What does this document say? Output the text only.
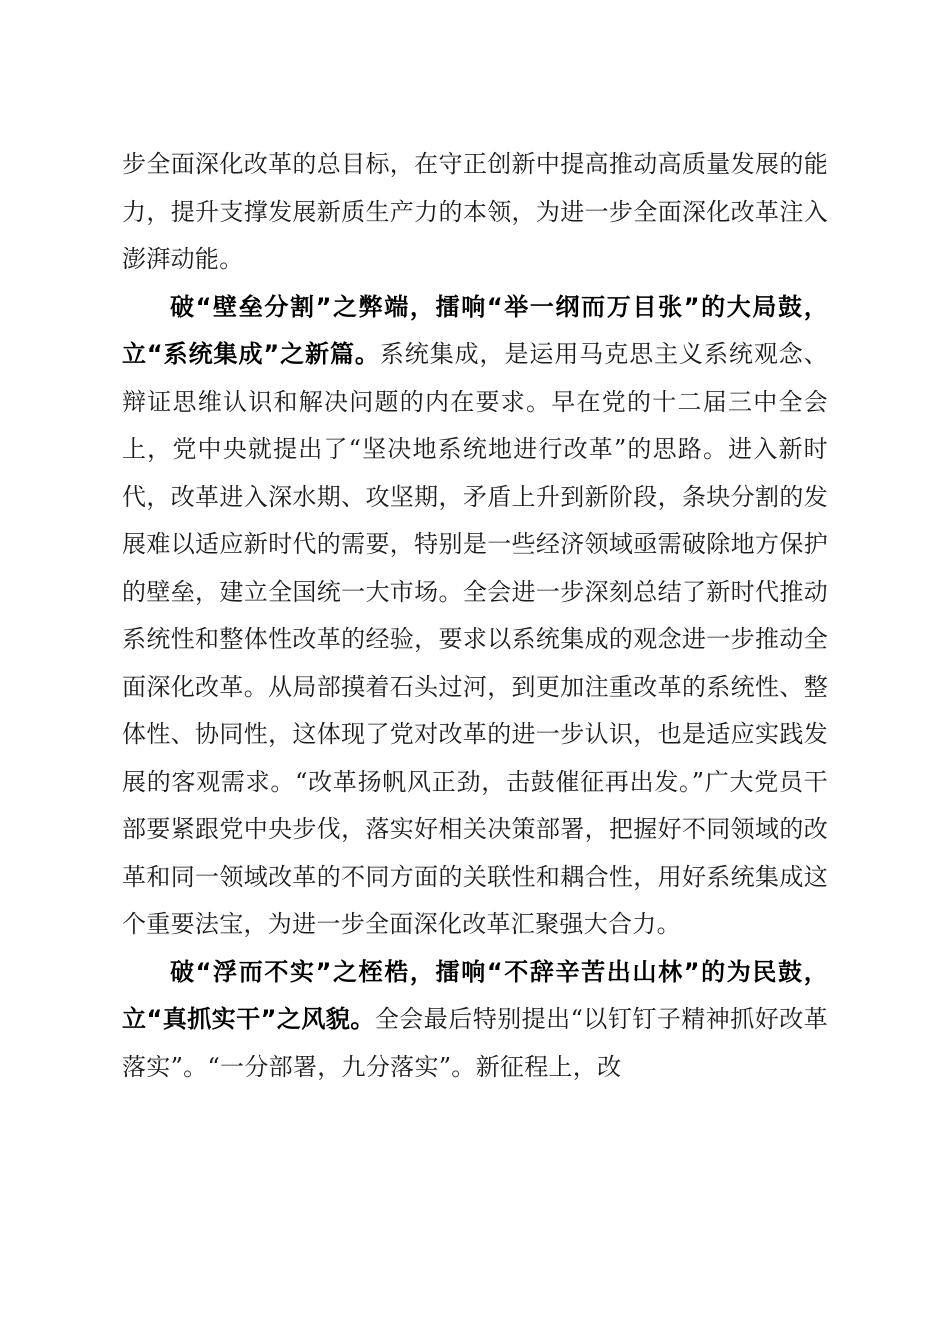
步全面深化改革的总目标，在守正创新中提高推动高质量发展的能力，提升支撑发展新质生产力的本领，为进一步全面深化改革注入澎湃动能。

破“壁垒分割”之弊端，擂响“举一纲而万目张”的大局鼓，立“系统集成”之新篇。系统集成，是运用马克思主义系统观念、辩证思维认识和解决问题的内在要求。早在党的十二届三中全会上，党中央就提出了“坚决地系统地进行改革”的思路。进入新时代，改革进入深水期、攻坚期，矛盾上升到新阶段，条块分割的发展难以适应新时代的需要，特别是一些经济领域亟需破除地方保护的壁垒，建立全国统一大市场。全会进一步深刻总结了新时代推动系统性和整体性改革的经验，要求以系统集成的观念进一步推动全面深化改革。从局部摸着石头过河，到更加注重改革的系统性、整体性、协同性，这体现了党对改革的进一步认识，也是适应实践发展的客观需求。“改革扬帆风正劲，击鼓催征再出发。”广大党员干部要紧跟党中央步伐，落实好相关决策部署，把握好不同领域的改革和同一领域改革的不同方面的关联性和耦合性，用好系统集成这个重要法宝，为进一步全面深化改革汇聚强大合力。

破“浮而不实”之桎梏，擂响“不辞辛苦出山林”的为民鼓，立“真抓实干”之风貌。全会最后特别提出“以钉钉子精神抓好改革落实”。“一分部署，九分落实”。新征程上，改
